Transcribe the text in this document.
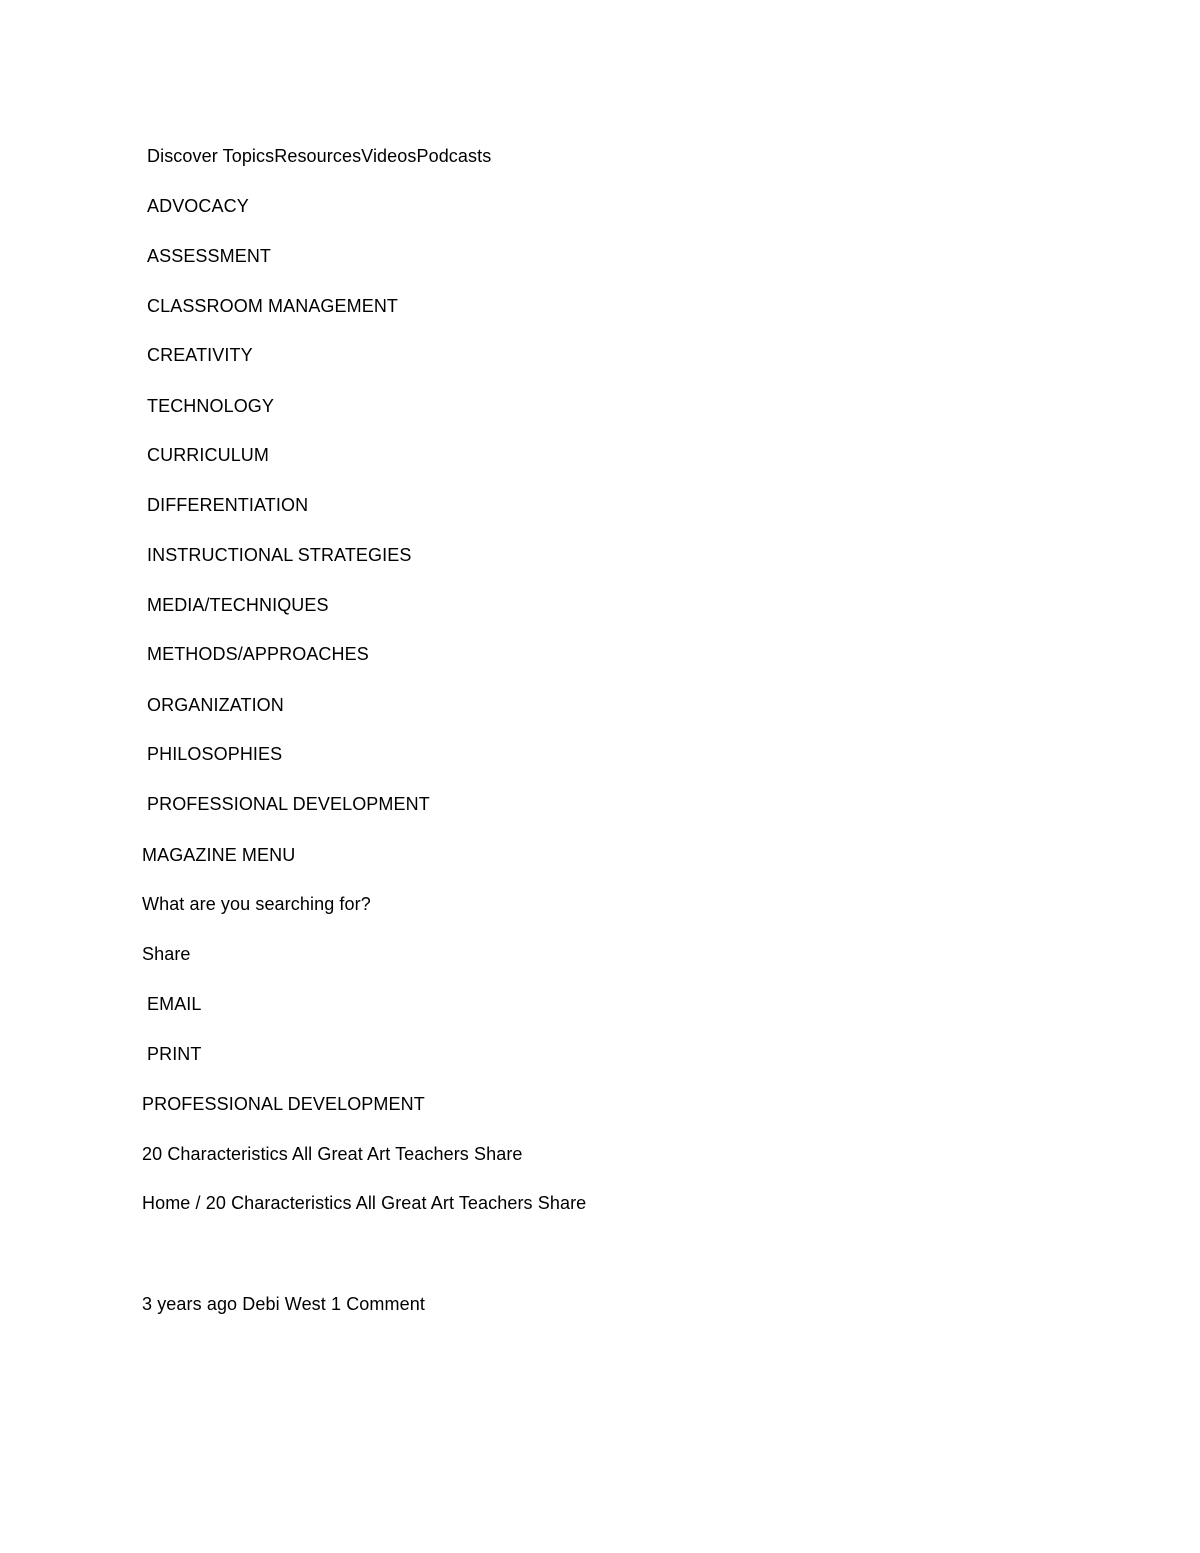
Discover TopicsResourcesVideosPodcasts
ADVOCACY
ASSESSMENT
CLASSROOM MANAGEMENT
CREATIVITY
TECHNOLOGY
CURRICULUM
DIFFERENTIATION
INSTRUCTIONAL STRATEGIES
MEDIA/TECHNIQUES
METHODS/APPROACHES
ORGANIZATION
PHILOSOPHIES
PROFESSIONAL DEVELOPMENT
MAGAZINE MENU
What are you searching for?
Share
EMAIL
PRINT
PROFESSIONAL DEVELOPMENT
20 Characteristics All Great Art Teachers Share
Home / 20 Characteristics All Great Art Teachers Share
3 years ago Debi West 1 Comment
